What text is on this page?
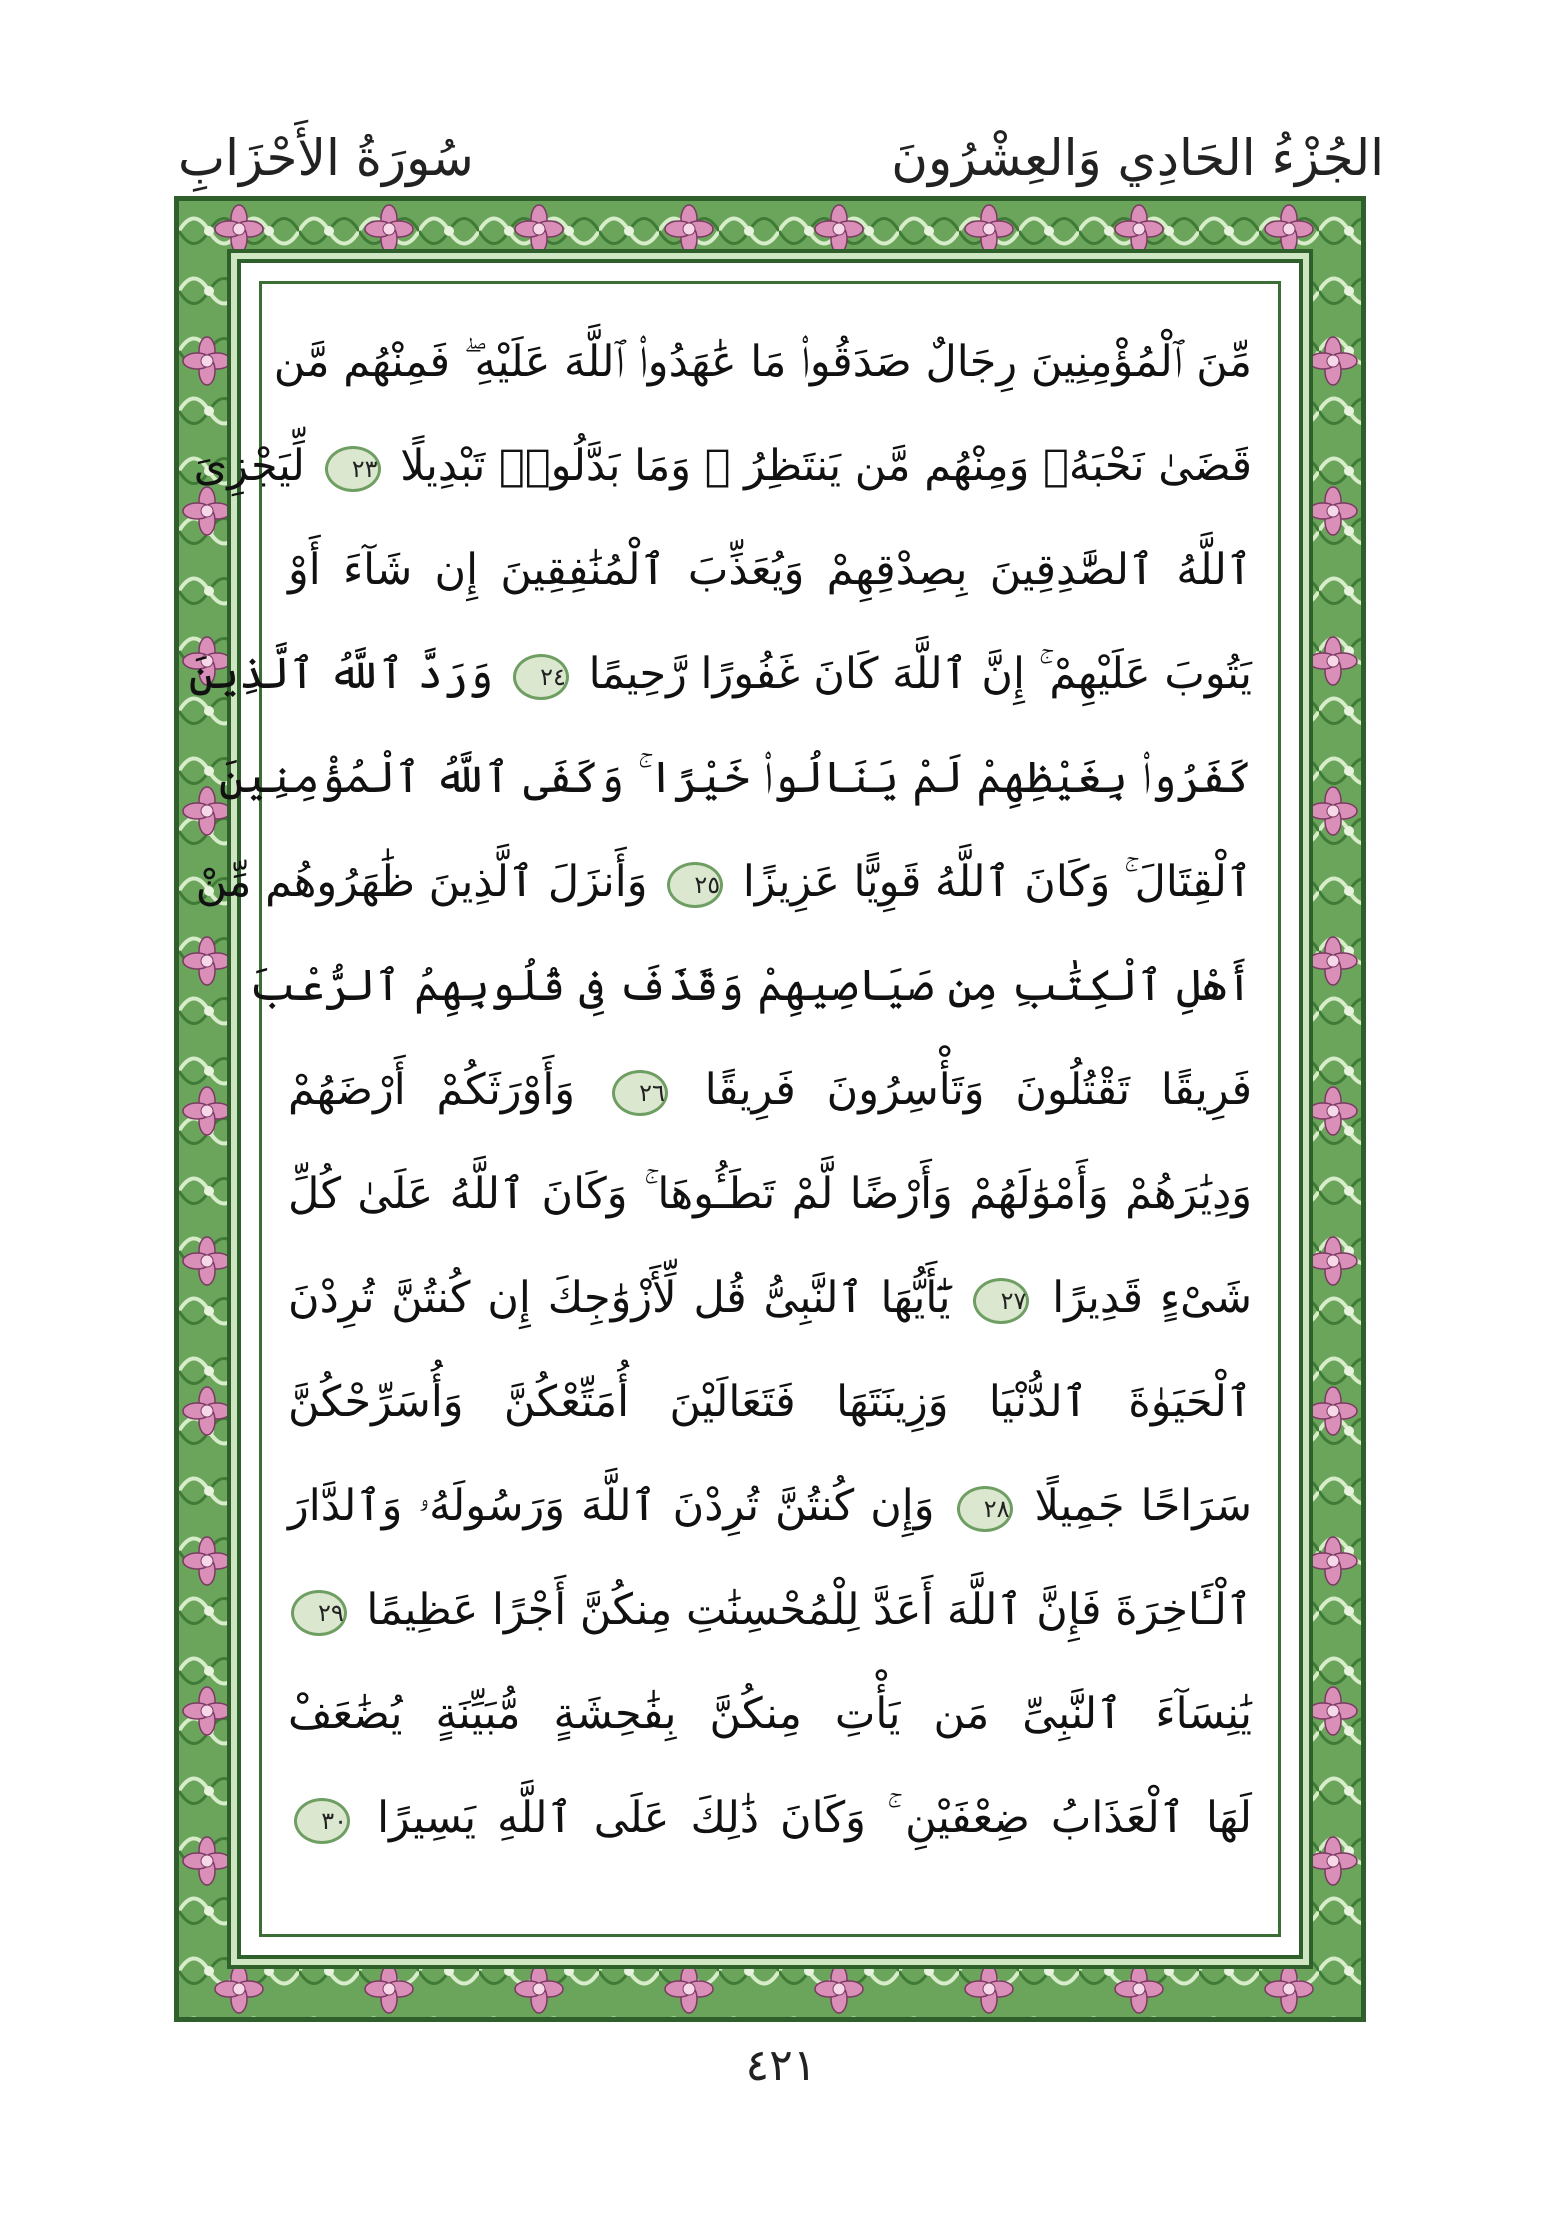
الجُزْءُ الحَادِي وَالعِشْرُونَ
سُورَةُ الأَحْزَابِ
مِّنَ ٱلْمُؤْمِنِينَ رِجَالٌ صَدَقُوا۟ مَا عَٰهَدُوا۟ ٱللَّهَ عَلَيْهِ ۖ فَمِنْهُم مَّن
قَضَىٰ نَحْبَهُۥ وَمِنْهُم مَّن يَنتَظِرُ ۖ وَمَا بَدَّلُوا۟ تَبْدِيلًا ٢٣ لِّيَجْزِىَ
ٱللَّهُ ٱلصَّٰدِقِينَ بِصِدْقِهِمْ وَيُعَذِّبَ ٱلْمُنَٰفِقِينَ إِن شَآءَ أَوْ
يَتُوبَ عَلَيْهِمْ ۚ إِنَّ ٱللَّهَ كَانَ غَفُورًا رَّحِيمًا ٢٤ وَرَدَّ ٱللَّهُ ٱلَّذِينَ
كَفَرُوا۟ بِغَيْظِهِمْ لَمْ يَنَالُوا۟ خَيْرًا ۚ وَكَفَى ٱللَّهُ ٱلْمُؤْمِنِينَ
ٱلْقِتَالَ ۚ وَكَانَ ٱللَّهُ قَوِيًّا عَزِيزًا ٢٥ وَأَنزَلَ ٱلَّذِينَ ظَٰهَرُوهُم مِّنْ
أَهْلِ ٱلْكِتَٰبِ مِن صَيَاصِيهِمْ وَقَذَفَ فِى قُلُوبِهِمُ ٱلرُّعْبَ
فَرِيقًا تَقْتُلُونَ وَتَأْسِرُونَ فَرِيقًا ٢٦ وَأَوْرَثَكُمْ أَرْضَهُمْ
وَدِيَٰرَهُمْ وَأَمْوَٰلَهُمْ وَأَرْضًا لَّمْ تَطَـُٔوهَا ۚ وَكَانَ ٱللَّهُ عَلَىٰ كُلِّ
شَىْءٍ قَدِيرًا ٢٧ يَٰٓأَيُّهَا ٱلنَّبِىُّ قُل لِّأَزْوَٰجِكَ إِن كُنتُنَّ تُرِدْنَ
ٱلْحَيَوٰةَ ٱلدُّنْيَا وَزِينَتَهَا فَتَعَالَيْنَ أُمَتِّعْكُنَّ وَأُسَرِّحْكُنَّ
سَرَاحًا جَمِيلًا ٢٨ وَإِن كُنتُنَّ تُرِدْنَ ٱللَّهَ وَرَسُولَهُۥ وَٱلدَّارَ
ٱلْـَٔاخِرَةَ فَإِنَّ ٱللَّهَ أَعَدَّ لِلْمُحْسِنَٰتِ مِنكُنَّ أَجْرًا عَظِيمًا ٢٩
يَٰنِسَآءَ ٱلنَّبِىِّ مَن يَأْتِ مِنكُنَّ بِفَٰحِشَةٍ مُّبَيِّنَةٍ يُضَٰعَفْ
لَهَا ٱلْعَذَابُ ضِعْفَيْنِ ۚ وَكَانَ ذَٰلِكَ عَلَى ٱللَّهِ يَسِيرًا ٣٠
٤٢١
